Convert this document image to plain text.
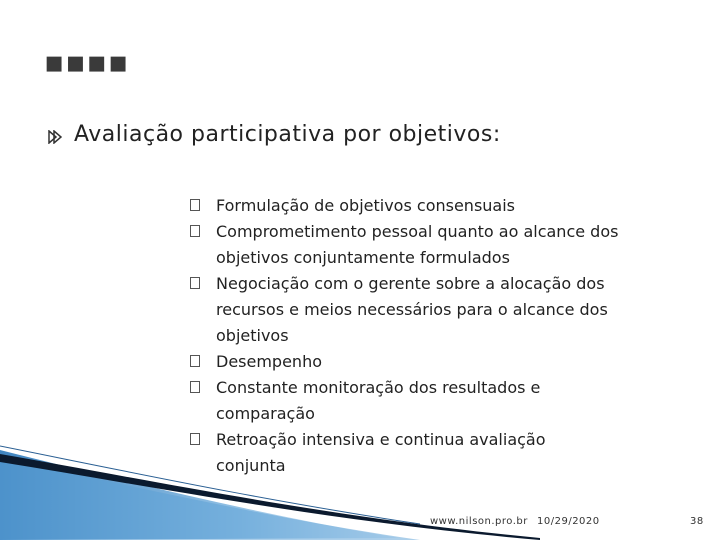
▪▪▪▪
Avaliação participativa por objetivos:
Formulação de objetivos consensuais
Comprometimento pessoal quanto ao alcance dos
objetivos conjuntamente formulados
Negociação com o gerente sobre a alocação dos
recursos e meios necessários para o alcance dos
objetivos
Desempenho
Constante monitoração dos resultados e
comparação
Retroação intensiva e continua avaliação
conjunta
www.nilson.pro.br 10/29/2020	38
